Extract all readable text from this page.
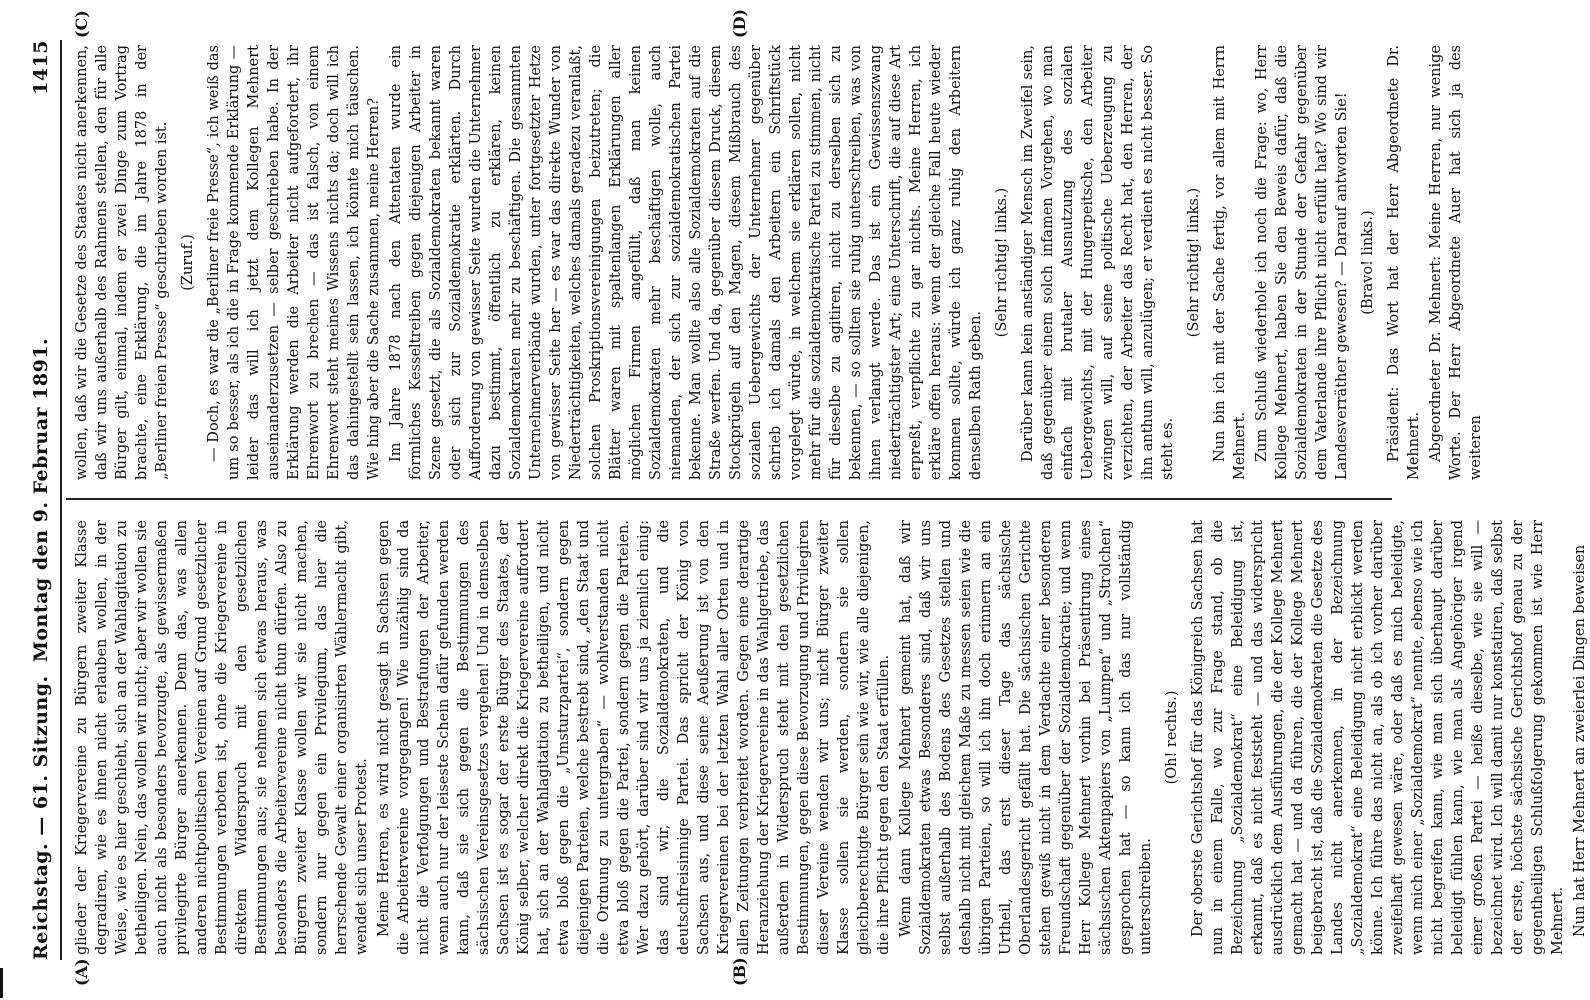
Reichstag. — 61. Sitzung.
Montag den 9. Februar 1891.
1415
(A)	(B)
(C)	(D)

glieder der Kriegervereine zu Bürgern zweiter Klasse degradiren, wie es ihnen nicht erlauben wollen, in der Weise, wie es hier geschieht, sich an der Wahlagitation zu betheiligen. Nein, das wollen wir nicht; aber wir wollen sie auch nicht als besonders bevorzugte, als gewissermaßen privilegirte Bürger anerkennen. Denn das, was allen anderen nichtpolitischen Vereinen auf Grund gesetzlicher Bestimmungen verboten ist, ohne die Kriegervereine in direktem Widerspruch mit den gesetzlichen Bestimmungen aus; sie nehmen sich etwas heraus, was besonders die Arbeitervereine nicht thun dürfen. Also zu Bürgern zweiter Klasse wollen wir sie nicht machen, sondern nur gegen ein Privilegium, das hier die herrschende Gewalt einer organisirten Wählermacht gibt, wendet sich unser Protest. Meine Herren, es wird nicht gesagt in Sachsen gegen die Arbeitervereine vorgegangen! Wie unzählig sind da nicht die Verfolgungen und Bestrafungen der Arbeiter, wenn auch nur der leiseste Schein dafür gefunden werden kann, daß sie sich gegen die Bestimmungen des sächsischen Vereinsgesetzes vergehen! Und in demselben Sachsen ist es sogar der erste Bürger des Staates, der König selber, welcher direkt die Kriegervereine auffordert hat, sich an der Wahlagitation zu betheiligen, und nicht etwa bloß gegen die „Umsturzpartei“, sondern gegen diejenigen Parteien, welche bestrebt sind, „den Staat und die Ordnung zu untergraben“ — wohlverstanden nicht etwa bloß gegen die Partei, sondern gegen die Parteien. Wer dazu gehört, darüber sind wir uns ja ziemlich einig: das sind wir, die Sozialdemokraten, und die deutschfreisinnige Partei. Das spricht der König von Sachsen aus, und diese seine Aeußerung ist von den Kriegervereinen bei der letzten Wahl aller Orten und in allen Zeitungen verbreitet worden. Gegen eine derartige Heranziehung der Kriegervereine in das Wahlgetriebe, das außerdem in Widerspruch steht mit den gesetzlichen Bestimmungen, gegen diese Bevorzugung und Privilegiren dieser Vereine wenden wir uns; nicht Bürger zweiter Klasse sollen sie werden, sondern sie sollen gleichberechtigte Bürger sein wie wir, wie alle diejenigen, die ihre Pflicht gegen den Staat erfüllen. Wenn dann Kollege Mehnert gemeint hat, daß wir Sozialdemokraten etwas Besonderes sind, daß wir uns selbst außerhalb des Bodens des Gesetzes stellen und deshalb nicht mit gleichem Maße zu messen seien wie die übrigen Parteien, so will ich ihn doch erinnern an ein Urtheil, das erst dieser Tage das sächsische Oberlandesgericht gefällt hat. Die sächsischen Gerichte stehen gewiß nicht in dem Verdachte einer besonderen Freundschaft gegenüber der Sozialdemokratie; und wenn Herr Kollege Mehnert vorhin bei Präsentirung eines sächsischen Aktenpapiers von „Lumpen“ und „Strolchen“ gesprochen hat — so kann ich das nur vollständig unterschreiben.

(Oh! rechts.) Der oberste Gerichtshof für das Königreich Sachsen hat nun in einem Falle, wo zur Frage stand, ob die Bezeichnung „Sozialdemokrat“ eine Beleidigung ist, erkannt, daß es nicht feststeht — und das widerspricht ausdrücklich dem Ausführungen, die der Kollege Mehnert gemacht hat — und da führen, die der Kollege Mehnert beigebracht ist, daß die Sozialdemokraten die Gesetze des Landes nicht anerkennen, in der Bezeichnung „Sozialdemokrat“ eine Beleidigung nicht erblickt werden könne. Ich führe das nicht an, als ob ich vorher darüber zweifelhaft gewesen wäre, oder daß es mich beleidigte, wenn mich einer „Sozialdemokrat“ nennte, ebenso wie ich nicht begreifen kann, wie man sich überhaupt darüber beleidigt fühlen kann, wie man als Angehöriger irgend einer großen Partei — heiße dieselbe, wie sie will — bezeichnet wird. Ich will damit nur konstatiren, daß selbst der erste, höchste sächsische Gerichtshof genau zu der gegentheiligen Schlußfolgerung gekommen ist wie Herr Mehnert. Nun hat Herr Mehnert an zweierlei Dingen beweisen

wollen, daß wir die Gesetze des Staates nicht anerkennen, daß wir uns außerhalb des Rahmens stellen, den für alle Bürger gilt, einmal, indem er zwei Dinge zum Vortrag brachte, eine Erklärung, die im Jahre 1878 in der „Berliner freien Presse“ geschrieben worden ist. (Zuruf.) — Doch, es war die „Berliner freie Presse“, ich weiß das um so besser, als ich die in Frage kommende Erklärung — leider das will ich jetzt dem Kollegen Mehnert auseinanderzusetzen — selber geschrieben habe. In der Erklärung werden die Arbeiter nicht aufgefordert, ihr Ehrenwort zu brechen — das ist falsch, von einem Ehrenwort steht meines Wissens nichts da; doch will ich das dahingestellt sein lassen, ich könnte mich täuschen. Wie hing aber die Sache zusammen, meine Herren? Im Jahre 1878 nach den Attentaten wurde ein förmliches Kesseltreiben gegen diejenigen Arbeiter in Szene gesetzt, die als Sozialdemokraten bekannt waren oder sich zur Sozialdemokratie erklärten. Durch Aufforderung von gewisser Seite wurden die Unternehmer dazu bestimmt, öffentlich zu erklären, keinen Sozialdemokraten mehr zu beschäftigen. Die gesammten Unternehmerverbände wurden, unter fortgesetzter Hetze von gewisser Seite her — es war das direkte Wunder von Niederträchtigkeiten, welches damals geradezu veranlaßt, solchen Proskriptionsvereinigungen beizutreten; die Blätter waren mit spaltenlangen Erklärungen aller möglichen Firmen angefüllt, daß man keinen Sozialdemokraten mehr beschäftigen wolle, auch niemanden, der sich zur sozialdemokratischen Partei bekenne. Man wollte also alle Sozialdemokraten auf die Straße werfen. Und da, gegenüber diesem Druck, diesem Stockprügeln auf den Magen, diesem Mißbrauch des sozialen Uebergewichts der Unternehmer gegenüber schrieb ich damals den Arbeitern ein Schriftstück vorgelegt würde, in welchem sie erklären sollen, nicht mehr für die sozialdemokratische Partei zu stimmen, nicht für dieselbe zu agitiren, nicht zu derselben sich zu bekennen, — so sollten sie ruhig unterschreiben, was von ihnen verlangt werde. Das ist ein Gewissenszwang niederträchtigster Art; eine Unterschrift, die auf diese Art erpreßt, verpflichte zu gar nichts. Meine Herren, ich erkläre offen heraus: wenn der gleiche Fall heute wieder kommen sollte, würde ich ganz ruhig den Arbeitern denselben Rath geben.

(Sehr richtig! links.) Darüber kann kein anständiger Mensch im Zweifel sein, daß gegenüber einem solch infamen Vorgehen, wo man einfach mit brutaler Ausnutzung des sozialen Uebergewichts, mit der Hungerpeitsche, den Arbeiter zwingen will, auf seine politische Ueberzeugung zu verzichten, der Arbeiter das Recht hat, den Herren, der ihn anthun will, anzulügen; er verdient es nicht besser. So steht es.

(Sehr richtig! links.) Nun bin ich mit der Sache fertig, vor allem mit Herrn Mehnert. Zum Schluß wiederhole ich noch die Frage: wo, Herr Kollege Mehnert, haben Sie den Beweis dafür, daß die Sozialdemokraten in der Stunde der Gefahr gegenüber dem Vaterlande ihre Pflicht nicht erfüllt hat? Wo sind wir Landesverräther gewesen? — Darauf antworten Sie! (Bravo! links.) Präsident: Das Wort hat der Herr Abgeordnete Dr. Mehnert. Abgeordneter Dr. Mehnert: Meine Herren, nur wenige Worte. Der Herr Abgeordnete Auer hat sich ja des weiteren
